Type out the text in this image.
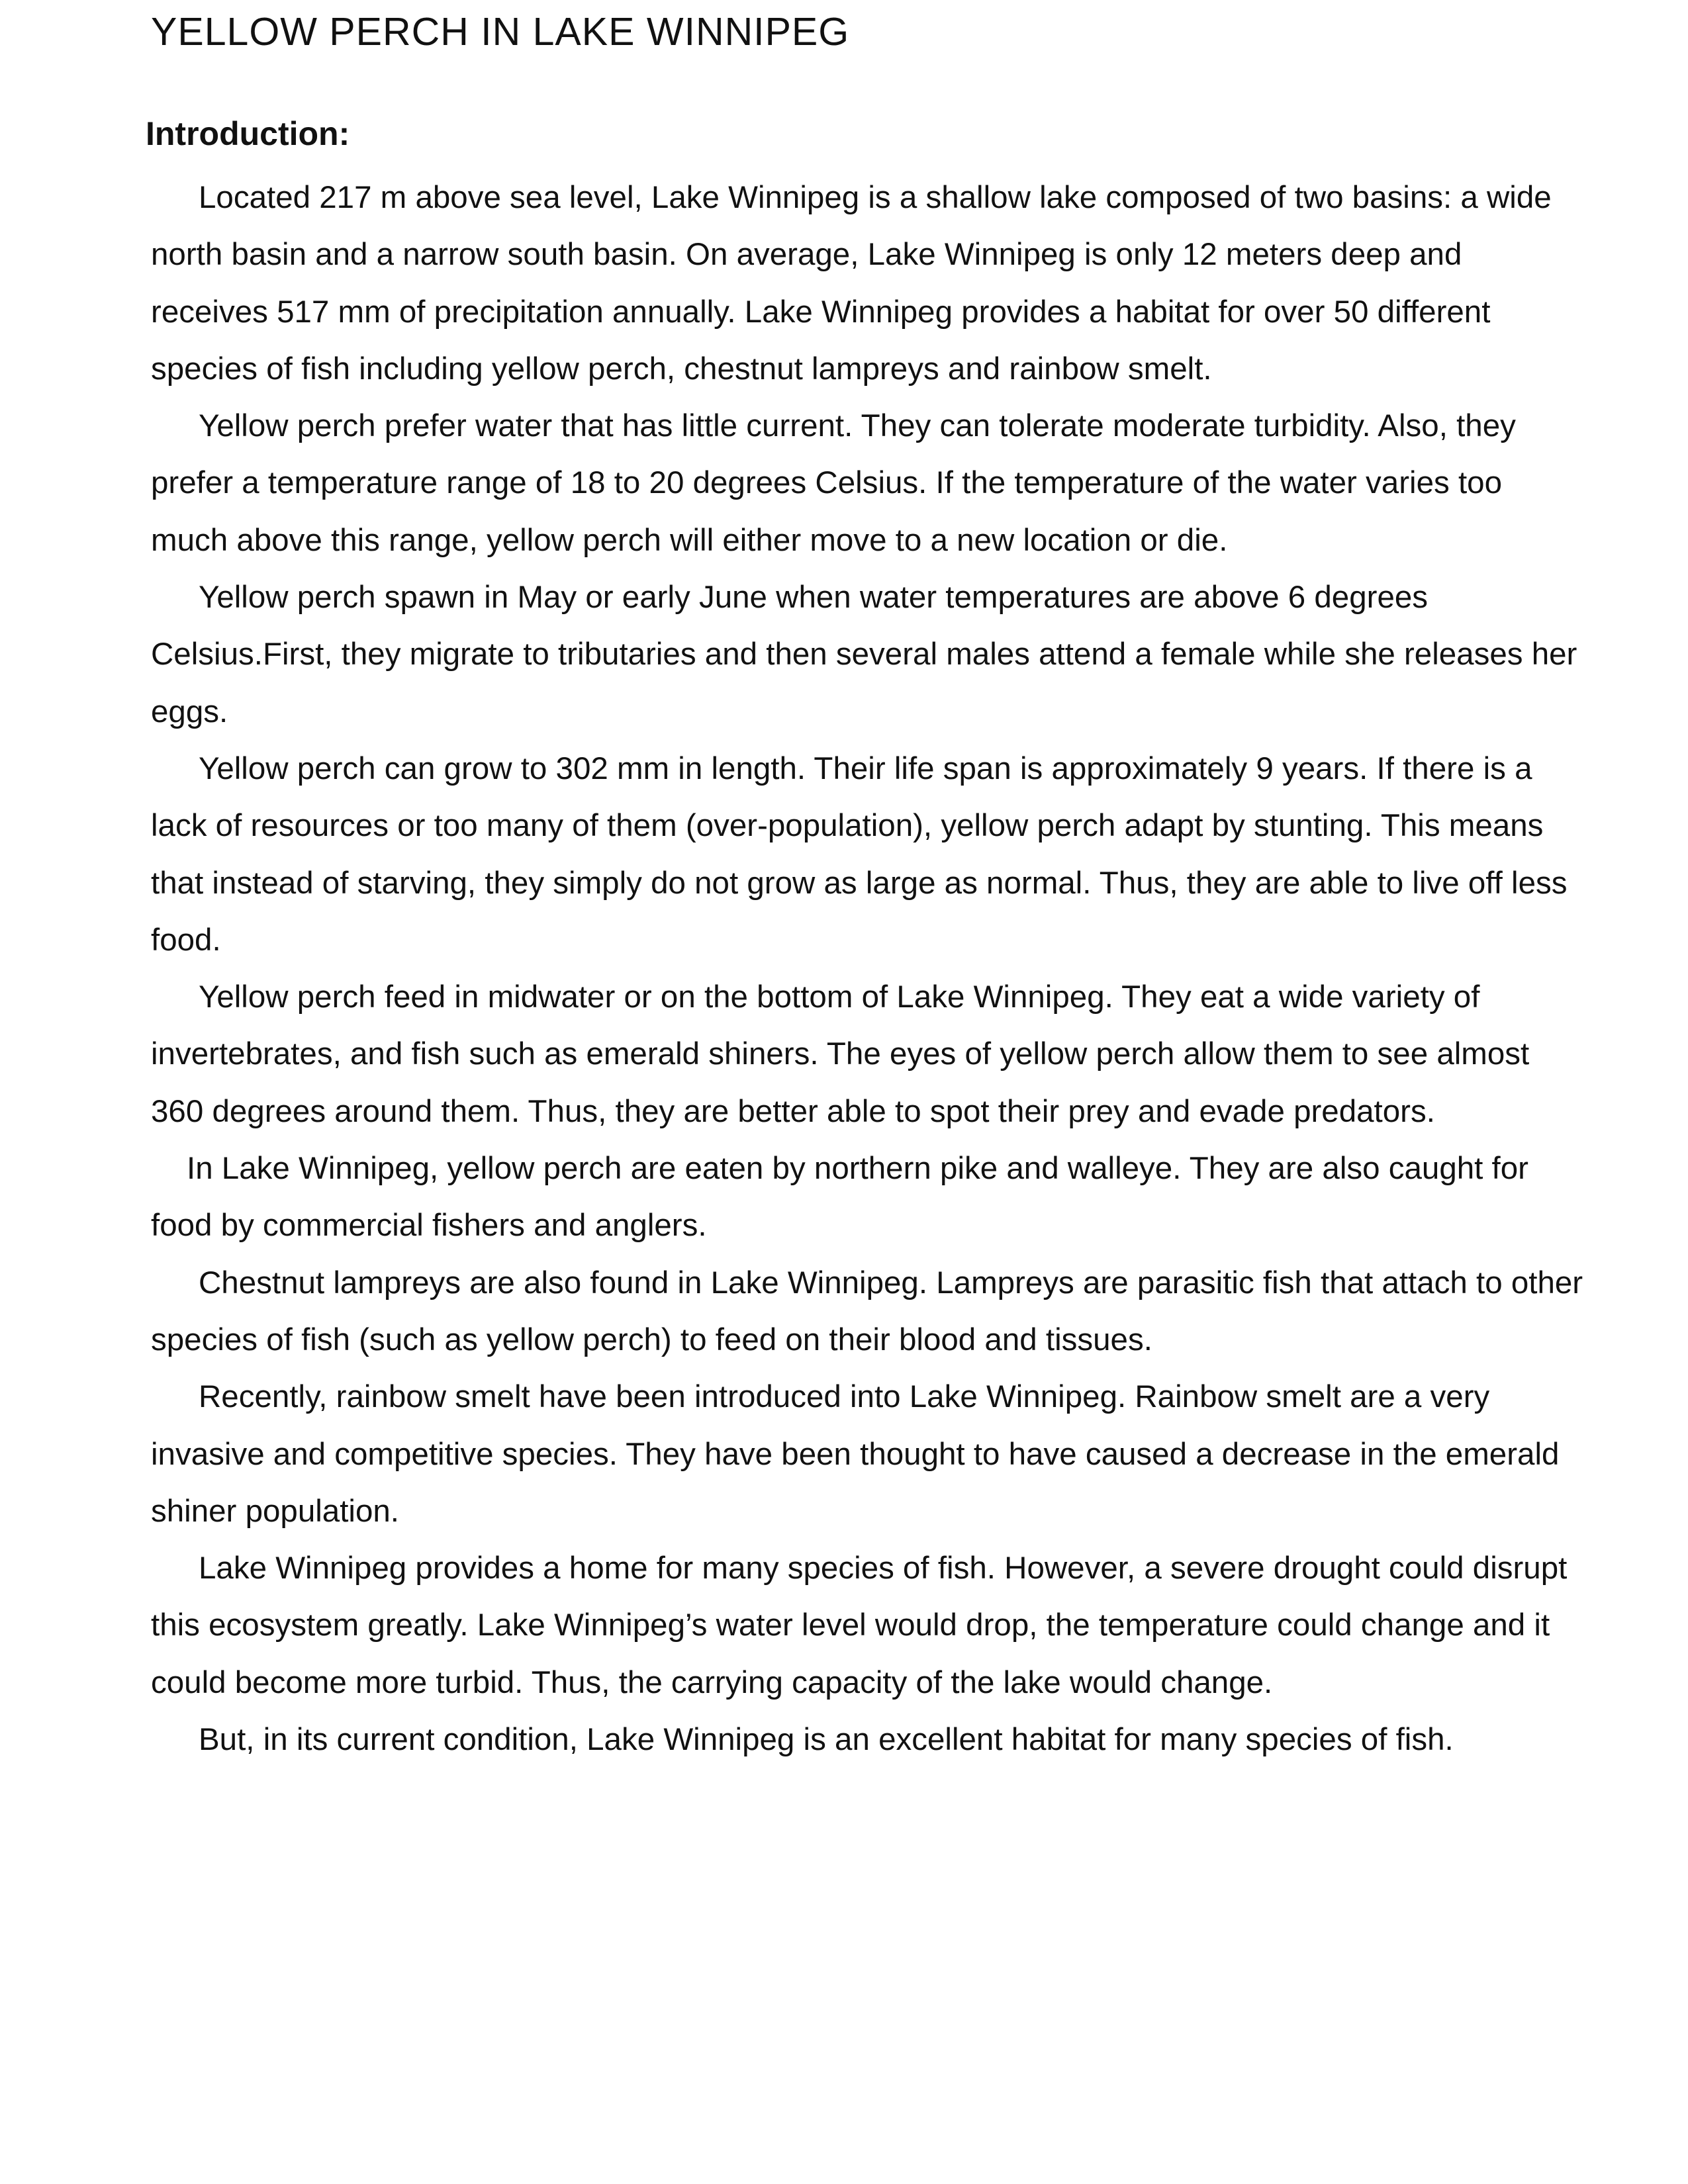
YELLOW PERCH IN LAKE WINNIPEG
Introduction:

Located 217 m above sea level, Lake Winnipeg is a shallow lake composed of two basins: a wide north basin and a narrow south basin. On average, Lake Winnipeg is only 12 meters deep and receives 517 mm of precipitation annually. Lake Winnipeg provides a habitat for over 50 different species of fish including yellow perch, chestnut lampreys and rainbow smelt.

Yellow perch prefer water that has little current. They can tolerate moderate turbidity. Also, they prefer a temperature range of 18 to 20 degrees Celsius. If the temperature of the water varies too much above this range, yellow perch will either move to a new location or die.

Yellow perch spawn in May or early June when water temperatures are above 6 degrees Celsius.First, they migrate to tributaries and then several males attend a female while she releases her eggs.

Yellow perch can grow to 302 mm in length. Their life span is approximately 9 years. If there is a lack of resources or too many of them (over-population), yellow perch adapt by stunting. This means that instead of starving, they simply do not grow as large as normal. Thus, they are able to live off less food.

Yellow perch feed in midwater or on the bottom of Lake Winnipeg. They eat a wide variety of invertebrates, and fish such as emerald shiners. The eyes of yellow perch allow them to see almost 360 degrees around them. Thus, they are better able to spot their prey and evade predators.

In Lake Winnipeg, yellow perch are eaten by northern pike and walleye. They are also caught for food by commercial fishers and anglers.

Chestnut lampreys are also found in Lake Winnipeg. Lampreys are parasitic fish that attach to other species of fish (such as yellow perch) to feed on their blood and tissues.

Recently, rainbow smelt have been introduced into Lake Winnipeg. Rainbow smelt are a very invasive and competitive species. They have been thought to have caused a decrease in the emerald shiner population.

Lake Winnipeg provides a home for many species of fish. However, a severe drought could disrupt this ecosystem greatly. Lake Winnipeg’s water level would drop, the temperature could change and it could become more turbid. Thus, the carrying capacity of the lake would change.

But, in its current condition, Lake Winnipeg is an excellent habitat for many species of fish.
